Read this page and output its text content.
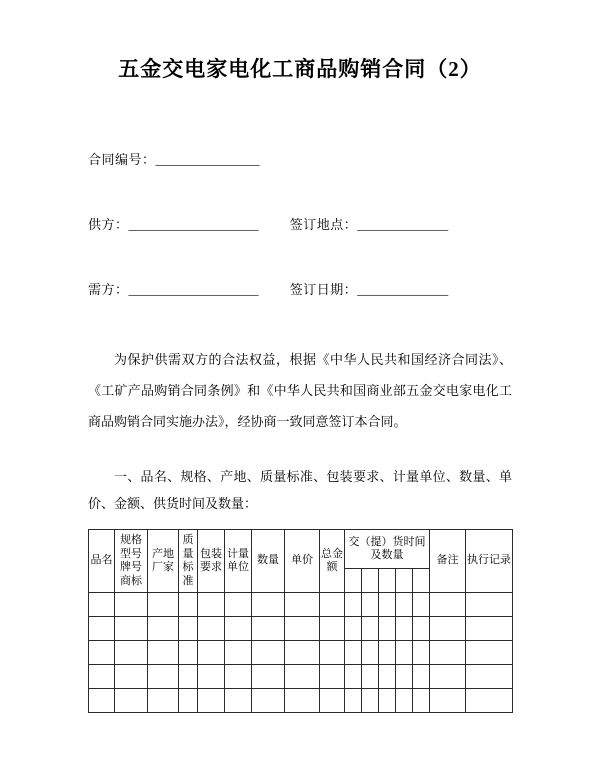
五金交电家电化工商品购销合同（2）
合同编号：________________
供方：____________________ 签订地点：______________
需方：____________________ 签订日期：______________

为保护供需双方的合法权益，根据《中华人民共和国经济合同法》、《工矿产品购销合同条例》和《中华人民共和国商业部五金交电家电化工商品购销合同实施办法》，经协商一致同意签订本合同。

一、品名、规格、产地、质量标准、包装要求、计量单位、数量、单价、金额、供货时间及数量：

品名	规格型号牌号商标	产地厂家	质量标准	包装要求	计量单位	数量	单价	总金额	交（提）货时间及数量					备注	执行记录
